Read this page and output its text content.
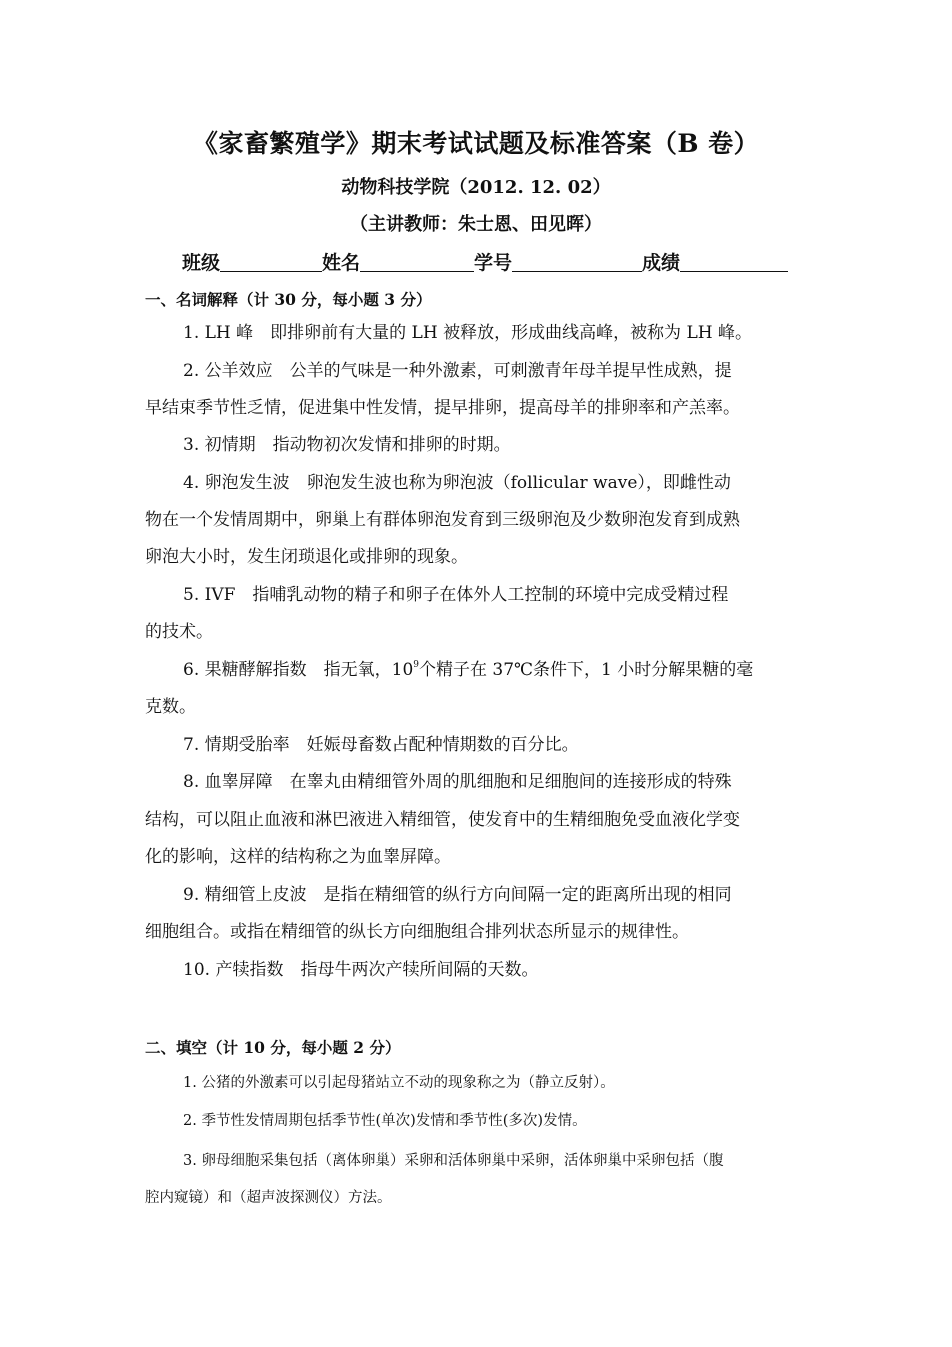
《家畜繁殖学》期末考试试题及标准答案（B 卷）
动物科技学院（2012. 12. 02）
（主讲教师：朱士恩、田见晖）
班级	姓名	学号	成绩
一、名词解释（计 30 分，每小题 3 分）
1. LH 峰　即排卵前有大量的 LH 被释放，形成曲线高峰，被称为 LH 峰。
2. 公羊效应　公羊的气味是一种外激素，可刺激青年母羊提早性成熟，提
早结束季节性乏情，促进集中性发情，提早排卵，提高母羊的排卵率和产羔率。
3. 初情期　指动物初次发情和排卵的时期。
4. 卵泡发生波　卵泡发生波也称为卵泡波（follicular wave），即雌性动
物在一个发情周期中，卵巢上有群体卵泡发育到三级卵泡及少数卵泡发育到成熟
卵泡大小时，发生闭琐退化或排卵的现象。
5. IVF　指哺乳动物的精子和卵子在体外人工控制的环境中完成受精过程
的技术。
6. 果糖酵解指数　指无氧，$10^9$个精子在 37℃条件下，1 小时分解果糖的毫
克数。
7. 情期受胎率　妊娠母畜数占配种情期数的百分比。
8. 血睾屏障　在睾丸由精细管外周的肌细胞和足细胞间的连接形成的特殊
结构，可以阻止血液和淋巴液进入精细管，使发育中的生精细胞免受血液化学变
化的影响，这样的结构称之为血睾屏障。
9. 精细管上皮波　是指在精细管的纵行方向间隔一定的距离所出现的相同
细胞组合。或指在精细管的纵长方向细胞组合排列状态所显示的规律性。
10. 产犊指数　指母牛两次产犊所间隔的天数。
二、填空（计 10 分，每小题 2 分）
1. 公猪的外激素可以引起母猪站立不动的现象称之为（静立反射）。
2. 季节性发情周期包括季节性(单次)发情和季节性(多次)发情。
3. 卵母细胞采集包括（离体卵巢）采卵和活体卵巢中采卵，活体卵巢中采卵包括（腹
腔内窥镜）和（超声波探测仪）方法。
